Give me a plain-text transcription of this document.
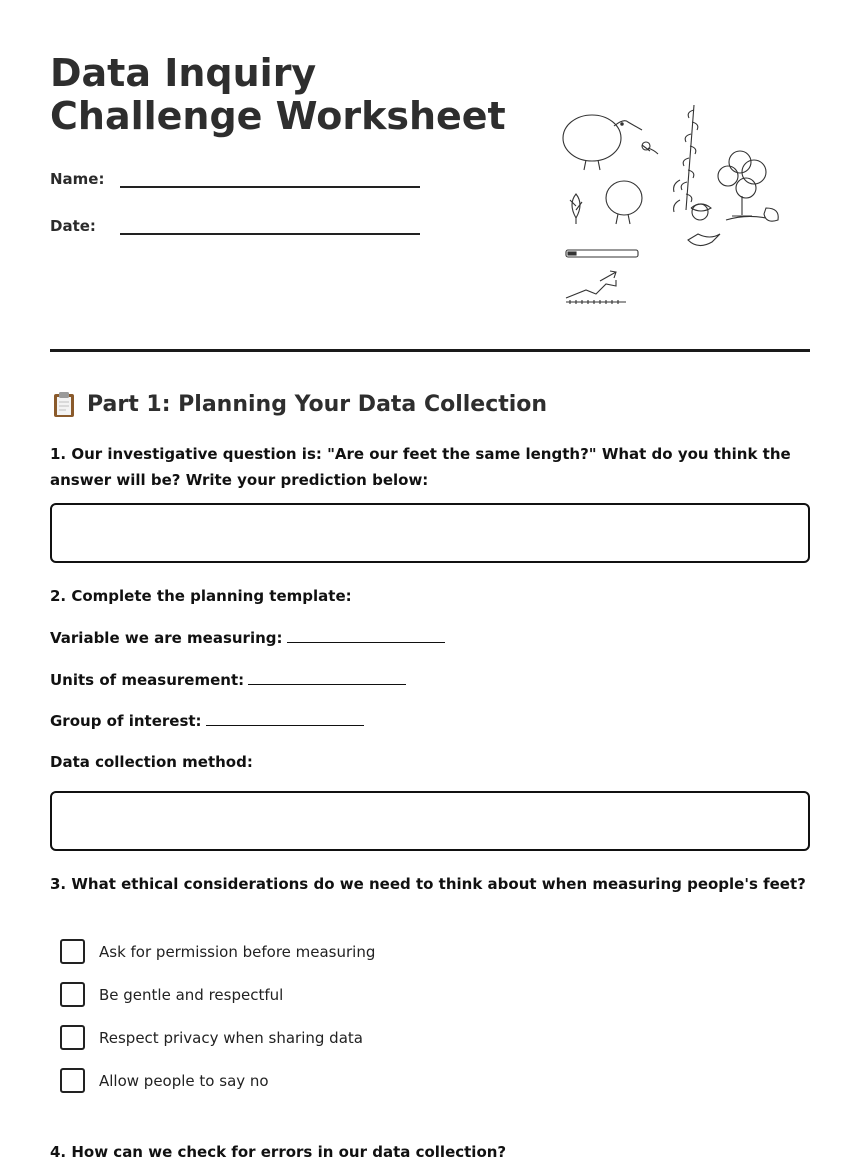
Data Inquiry Challenge Worksheet
Name:
Date:
Part 1: Planning Your Data Collection

1. Our investigative question is: "Are our feet the same length?" What do you think the answer will be? Write your prediction below:

2. Complete the planning template:

Variable we are measuring:
Units of measurement:
Group of interest:
Data collection method:

3. What ethical considerations do we need to think about when measuring people's feet?

Ask for permission before measuring
Be gentle and respectful
Respect privacy when sharing data
Allow people to say no

4. How can we check for errors in our data collection?
